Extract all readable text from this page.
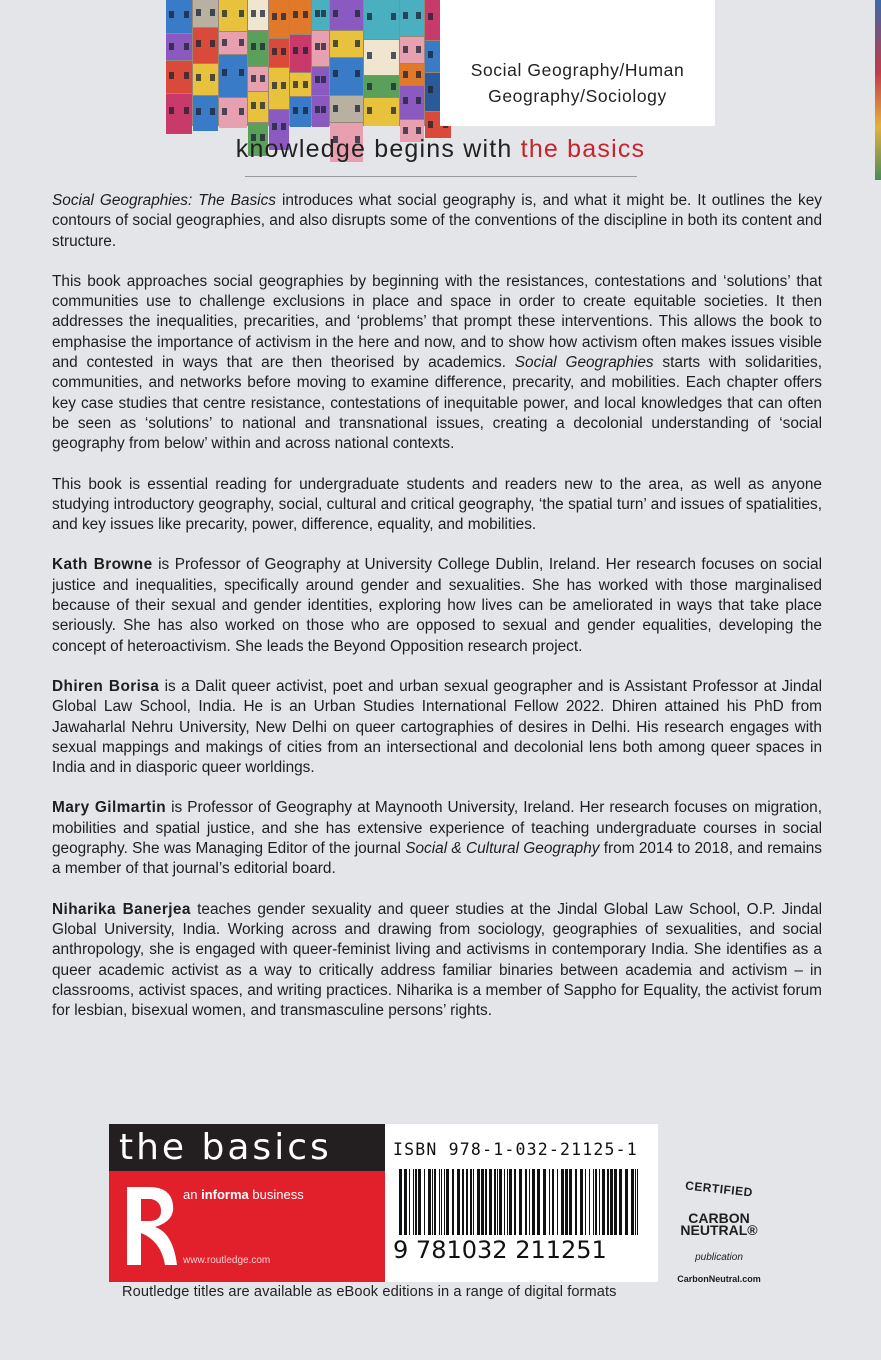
Social Geography/Human
Geography/Sociology
knowledge begins with the basics

Social Geographies: The Basics introduces what social geography is, and what it might be. It outlines the key contours of social geographies, and also disrupts some of the conventions of the discipline in both its content and structure.

This book approaches social geographies by beginning with the resistances, contestations and ‘solutions’ that communities use to challenge exclusions in place and space in order to create equitable societies. It then addresses the inequalities, precarities, and ‘problems’ that prompt these interventions. This allows the book to emphasise the importance of activism in the here and now, and to show how activism often makes issues visible and contested in ways that are then theorised by academics. Social Geographies starts with solidarities, communities, and networks before moving to examine difference, precarity, and mobilities. Each chapter offers key case studies that centre resistance, contestations of inequitable power, and local knowledges that can often be seen as ‘solutions’ to national and transnational issues, creating a decolonial understanding of ‘social geography from below’ within and across national contexts.

This book is essential reading for undergraduate students and readers new to the area, as well as anyone studying introductory geography, social, cultural and critical geography, ‘the spatial turn’ and issues of spatialities, and key issues like precarity, power, difference, equality, and mobilities.

Kath Browne is Professor of Geography at University College Dublin, Ireland. Her research focuses on social justice and inequalities, specifically around gender and sexualities. She has worked with those marginalised because of their sexual and gender identities, exploring how lives can be ameliorated in ways that take place seriously. She has also worked on those who are opposed to sexual and gender equalities, developing the concept of heteroactivism. She leads the Beyond Opposition research project.

Dhiren Borisa is a Dalit queer activist, poet and urban sexual geographer and is Assistant Professor at Jindal Global Law School, India. He is an Urban Studies International Fellow 2022. Dhiren attained his PhD from Jawaharlal Nehru University, New Delhi on queer cartographies of desires in Delhi. His research engages with sexual mappings and makings of cities from an intersectional and decolonial lens both among queer spaces in India and in diasporic queer worldings.

Mary Gilmartin is Professor of Geography at Maynooth University, Ireland. Her research focuses on migration, mobilities and spatial justice, and she has extensive experience of teaching undergraduate courses in social geography. She was Managing Editor of the journal Social & Cultural Geography from 2014 to 2018, and remains a member of that journal’s editorial board.

Niharika Banerjea teaches gender sexuality and queer studies at the Jindal Global Law School, O.P. Jindal Global University, India. Working across and drawing from sociology, geographies of sexualities, and social anthropology, she is engaged with queer-feminist living and activisms in contemporary India. She identifies as a queer academic activist as a way to critically address familiar binaries between academia and activism – in classrooms, activist spaces, and writing practices. Niharika is a member of Sappho for Equality, the activist forum for lesbian, bisexual women, and transmasculine persons’ rights.

the basics
ROUTLEDGE
an informa business
www.routledge.com
ISBN 978-1-032-21125-1
9 781032 211251
CERTIFIED
CARBON
NEUTRAL®
publication
CarbonNeutral.com
Routledge titles are available as eBook editions in a range of digital formats
